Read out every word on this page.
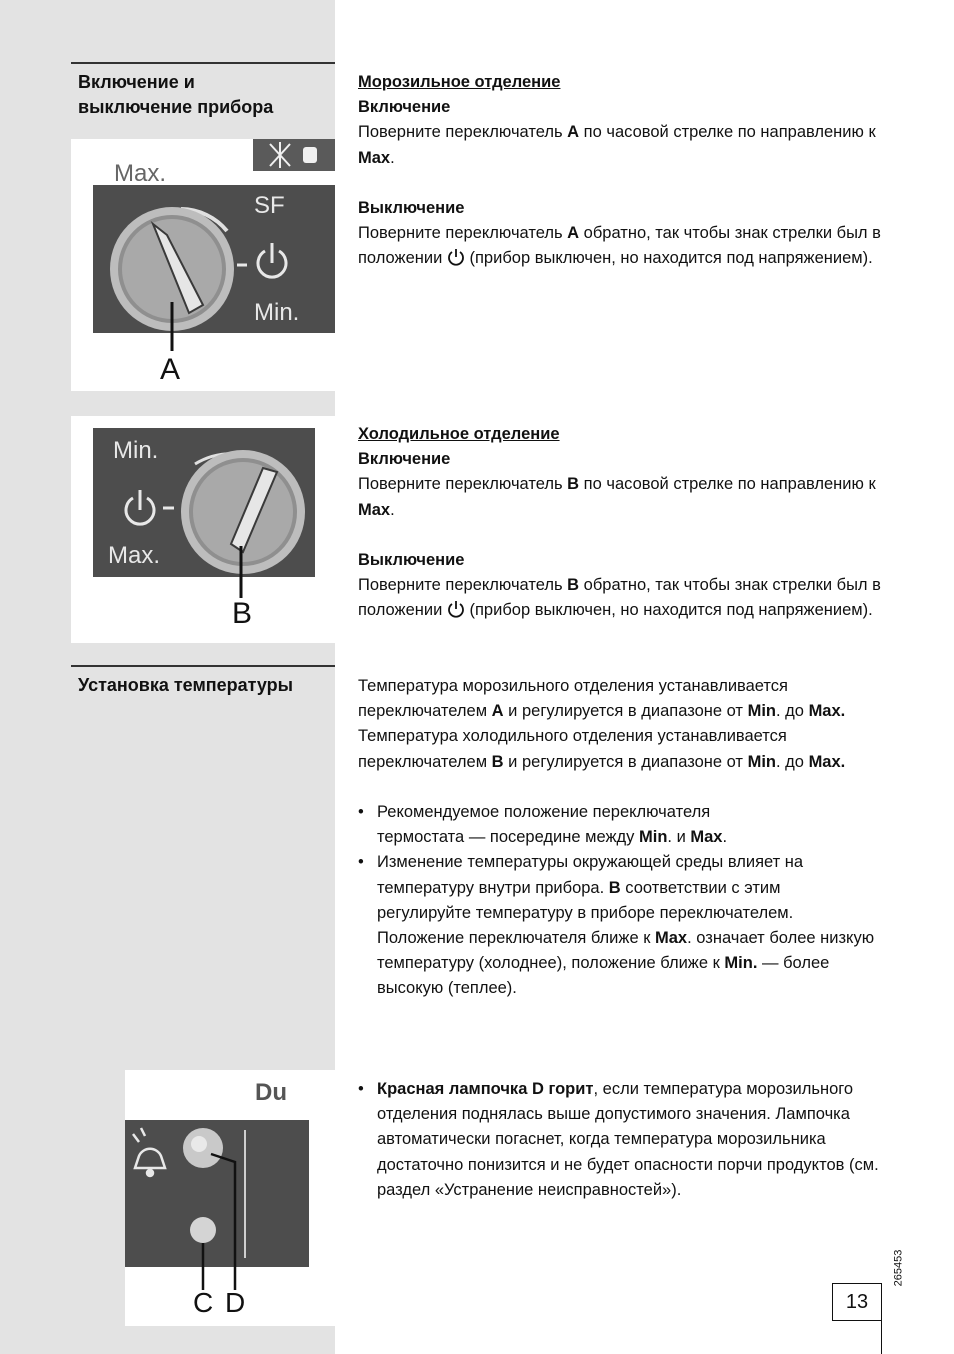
Включение и
выключение прибора
Max.
SF
Min.
A

Морозильное отделение

Включение

Поверните переключатель A по часовой стрелке по направлению к Max.

Выключение

Поверните переключатель A обратно, так чтобы знак стрелки был в положении  (прибор выключен, но находится под напряжением).

Min.
Max.
B

Холодильное отделение

Включение

Поверните переключатель B по часовой стрелке по направлению к Max.

Выключение

Поверните переключатель B обратно, так чтобы знак стрелки был в положении  (прибор выключен, но находится под напряжением).

Установка температуры	Температура морозильного отделения устанавливается переключателем A и регулируется в диапазоне от Min. до Max.

Температура холодильного отделения устанавливается переключателем B и регулируется в диапазоне от Min. до Max.

• Рекомендуемое положение переключателя термостата — посередине между Min. и Max.

• Изменение температуры окружающей среды влияет на температуру внутри прибора. В соответствии с этим регулируйте температуру в приборе переключателем. Положение переключателя ближе к Max. означает более низкую температуру (холоднее), положение ближе к Min. — более высокую (теплее).

Du
C D

• Красная лампочка D горит, если температура морозильного отделения поднялась выше допустимого значения. Лампочка автоматически погаснет, когда температура морозильника достаточно понизится и не будет опасности порчи продуктов (см. раздел «Устранение неисправностей»).

265453
13
